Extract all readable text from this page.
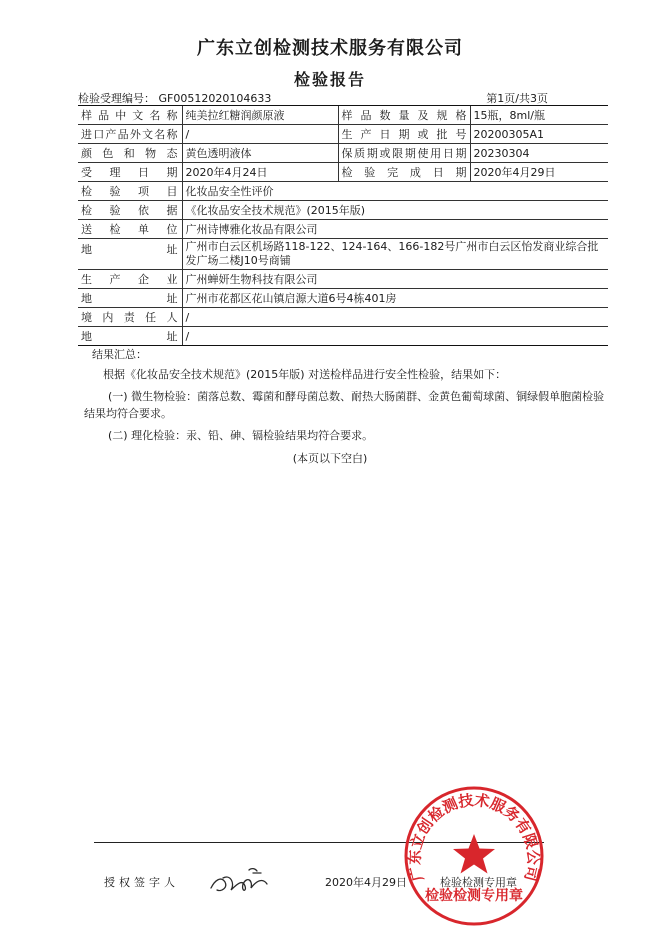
广东立创检测技术服务有限公司
检验报告
检验受理编号： GF00512020104633	第1页/共3页
样品中文名称	纯美拉红糖润颜原液	样品数量及规格	15瓶，8ml/瓶
进口产品外文名称	/	生产日期或批号	20200305A1
颜色和物态	黄色透明液体	保质期或限期使用日期	20230304
受理日期	2020年4月24日	检验完成日期	2020年4月29日
检验项目	化妆品安全性评价		
检验依据	《化妆品安全技术规范》(2015年版)		
送检单位	广州诗博雅化妆品有限公司		
地址	广州市白云区机场路118-122、124-164、166-182号广州市白云区怡发商业综合批发广场二楼J10号商铺		
生产企业	广州蝉妍生物科技有限公司		
地址	广州市花都区花山镇启源大道6号4栋401房		
境内责任人	/		
地址	/		

结果汇总：

根据《化妆品安全技术规范》(2015年版) 对送检样品进行安全性检验，结果如下：

(一) 微生物检验：菌落总数、霉菌和酵母菌总数、耐热大肠菌群、金黄色葡萄球菌、铜绿假单胞菌检验结果均符合要求。

(二) 理化检验：汞、铅、砷、镉检验结果均符合要求。

(本页以下空白)
授权签字人	2020年4月29日	检验检测专用章
广东立创检测技术服务有限公司
检验检测专用章
